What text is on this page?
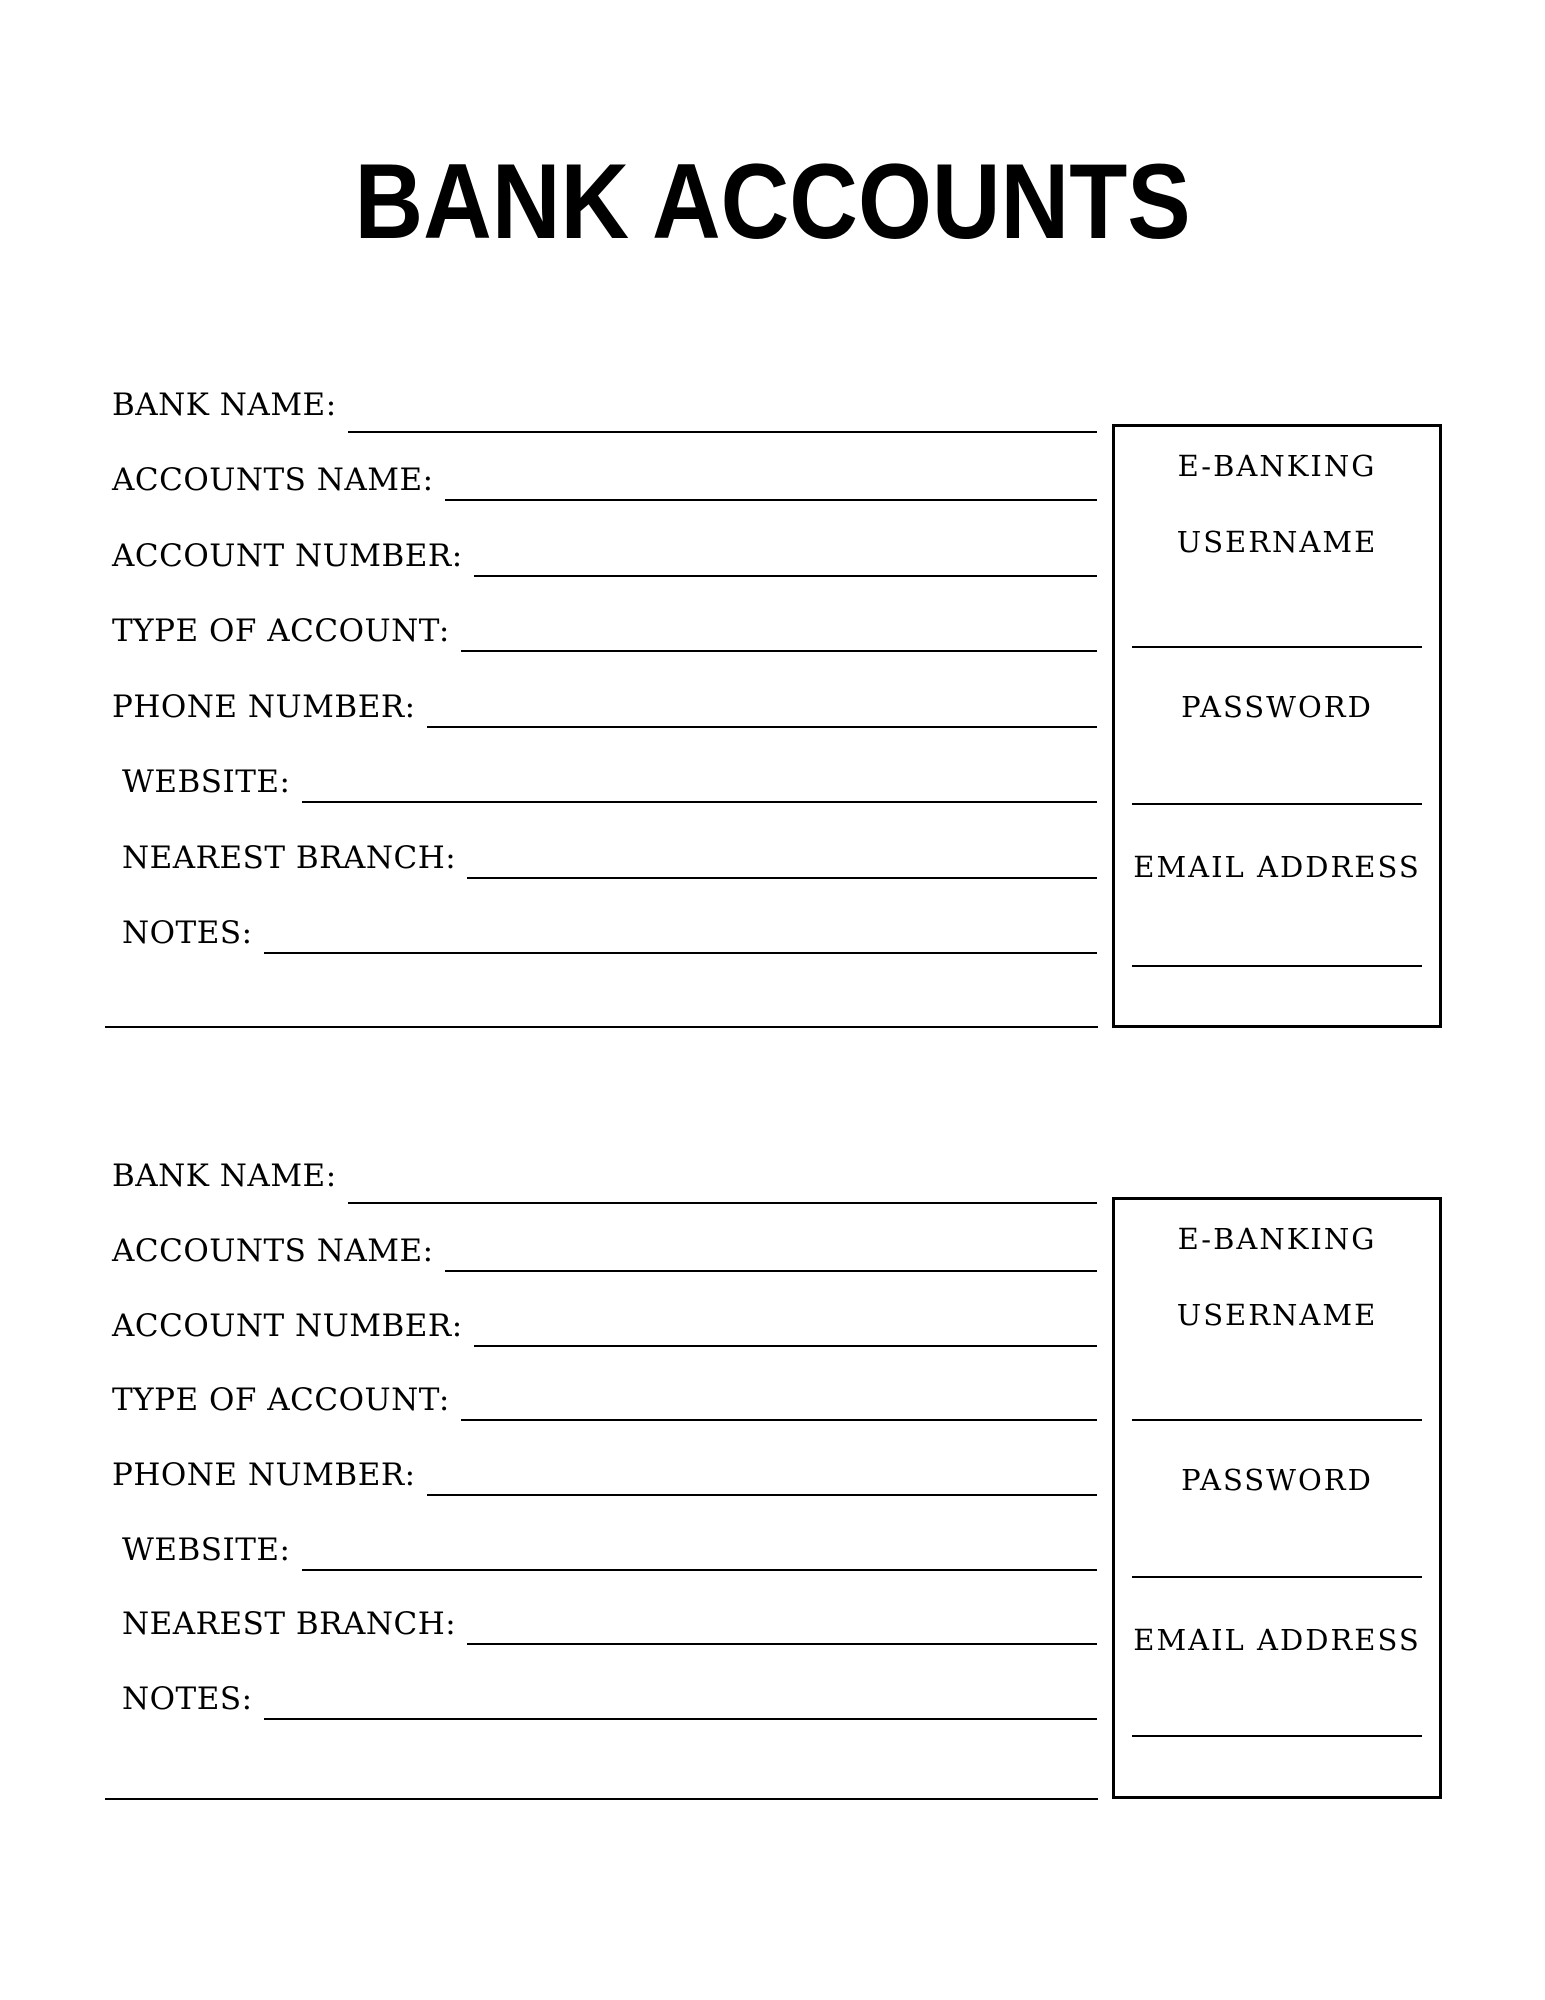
BANK ACCOUNTS
BANK NAME:
ACCOUNTS NAME:
ACCOUNT NUMBER:
TYPE OF ACCOUNT:
PHONE NUMBER:
WEBSITE:
NEAREST BRANCH:
NOTES:
E-BANKING
USERNAME
PASSWORD
EMAIL ADDRESS
BANK NAME:
ACCOUNTS NAME:
ACCOUNT NUMBER:
TYPE OF ACCOUNT:
PHONE NUMBER:
WEBSITE:
NEAREST BRANCH:
NOTES:
E-BANKING
USERNAME
PASSWORD
EMAIL ADDRESS
